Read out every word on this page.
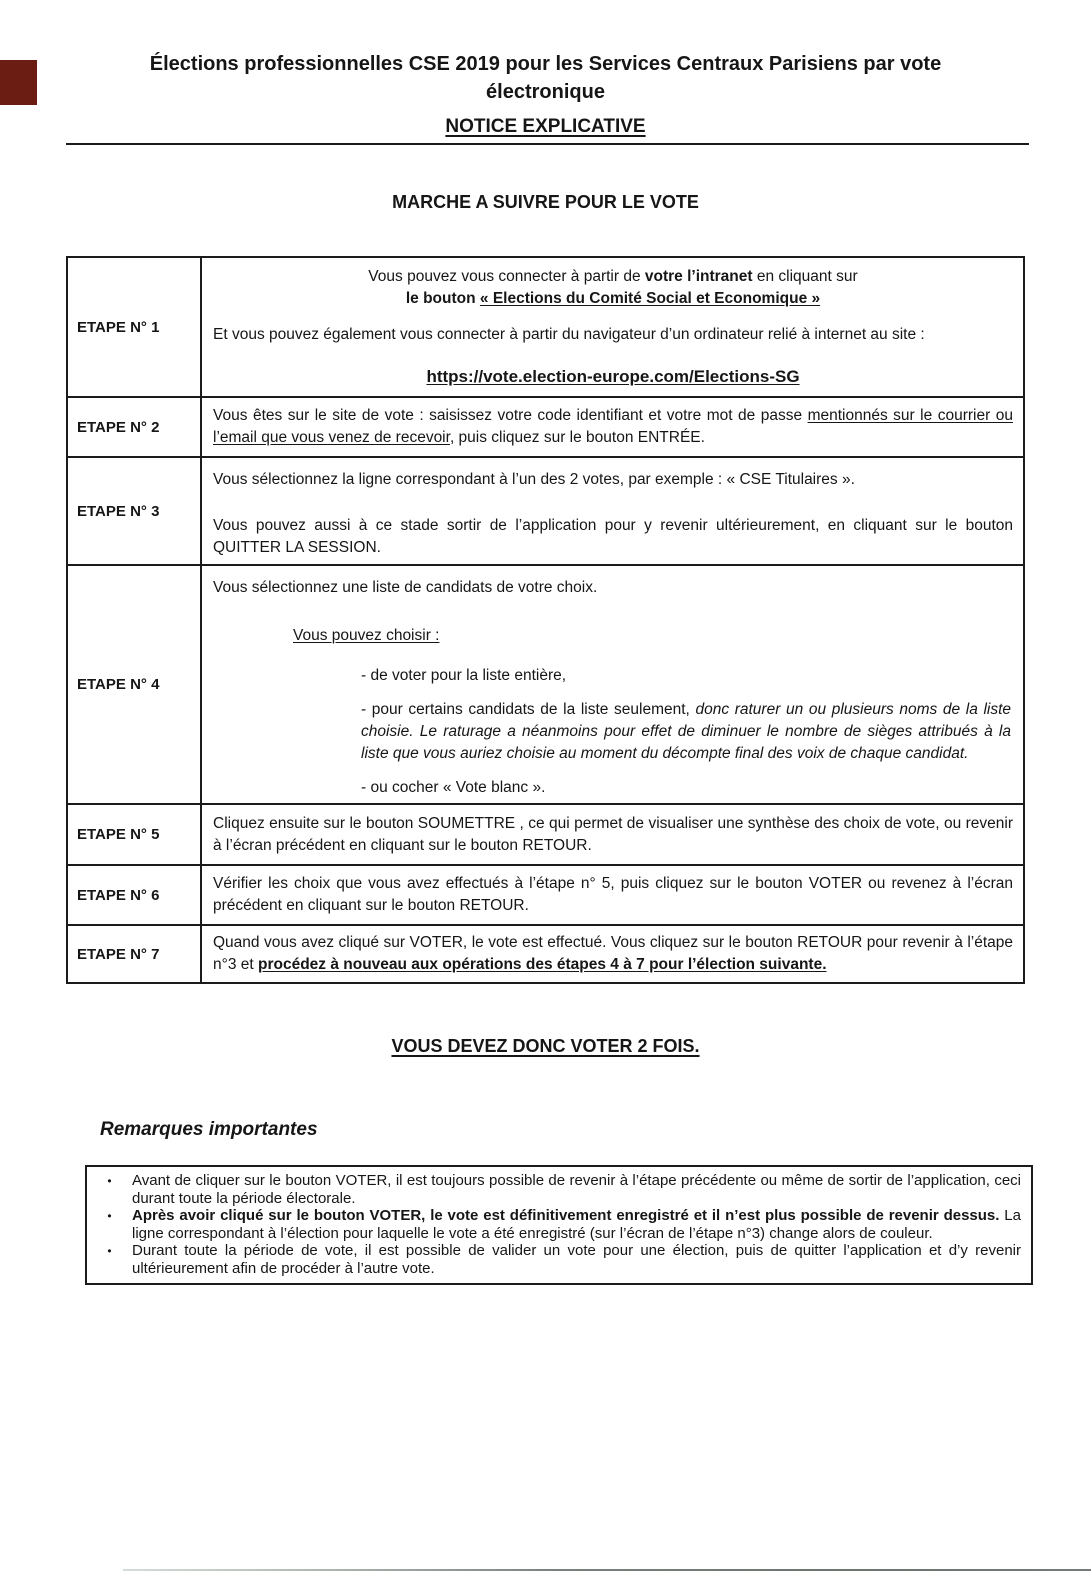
Élections professionnelles CSE 2019 pour les Services Centraux Parisiens par vote
électronique
NOTICE EXPLICATIVE
MARCHE A SUIVRE POUR LE VOTE
ETAPE N° 1
Vous pouvez vous connecter à partir de votre l’intranet en cliquant sur
le bouton « Elections du Comité Social et Economique »
Et vous pouvez également vous connecter à partir du navigateur d’un ordinateur relié à internet au site :
https://vote.election-europe.com/Elections-SG
ETAPE N° 2
Vous êtes sur le site de vote : saisissez votre code identifiant et votre mot de passe mentionnés sur le courrier ou l’email que vous venez de recevoir, puis cliquez sur le bouton ENTRÉE.
ETAPE N° 3
Vous sélectionnez la ligne correspondant à l’un des 2 votes, par exemple : « CSE Titulaires ».
Vous pouvez aussi à ce stade sortir de l’application pour y revenir ultérieurement, en cliquant sur le bouton QUITTER LA SESSION.
ETAPE N° 4
Vous sélectionnez une liste de candidats de votre choix.
Vous pouvez choisir :
- de voter pour la liste entière,
- pour certains candidats de la liste seulement, donc raturer un ou plusieurs noms de la liste choisie. Le raturage a néanmoins pour effet de diminuer le nombre de sièges attribués à la liste que vous auriez choisie au moment du décompte final des voix de chaque candidat.
- ou cocher « Vote blanc ».
ETAPE N° 5
Cliquez ensuite sur le bouton SOUMETTRE , ce qui permet de visualiser une synthèse des choix de vote, ou revenir à l’écran précédent en cliquant sur le bouton RETOUR.
ETAPE N° 6
Vérifier les choix que vous avez effectués à l’étape n° 5, puis cliquez sur le bouton VOTER ou revenez à l’écran précédent en cliquant sur le bouton RETOUR.
ETAPE N° 7
Quand vous avez cliqué sur VOTER, le vote est effectué. Vous cliquez sur le bouton RETOUR pour revenir à l’étape n°3 et procédez à nouveau aux opérations des étapes 4 à 7 pour l’élection suivante.
VOUS DEVEZ DONC VOTER 2 FOIS.
Remarques importantes
•	Avant de cliquer sur le bouton VOTER, il est toujours possible de revenir à l’étape précédente ou même de sortir de l’application, ceci durant toute la période électorale.
•	Après avoir cliqué sur le bouton VOTER, le vote est définitivement enregistré et il n’est plus possible de revenir dessus. La ligne correspondant à l’élection pour laquelle le vote a été enregistré (sur l’écran de l’étape n°3) change alors de couleur.
•	Durant toute la période de vote, il est possible de valider un vote pour une élection, puis de quitter l’application et d’y revenir ultérieurement afin de procéder à l’autre vote.
